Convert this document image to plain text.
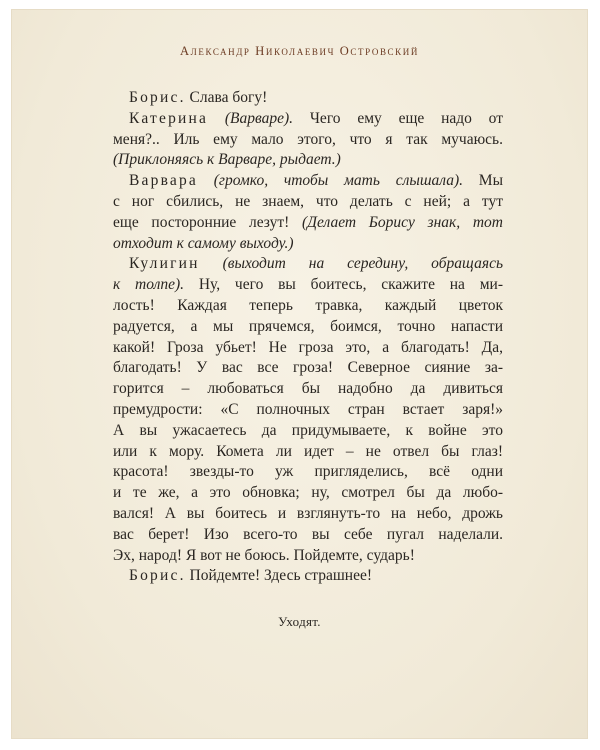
Александр Николаевич Островский

Борис. Слава богу!

Катерина (Варваре). Чего ему еще надо от
меня?.. Иль ему мало этого, что я так мучаюсь.
(Приклоняясь к Варваре, рыдает.)

Варвара (громко, чтобы мать слышала). Мы
с ног сбились, не знаем, что делать с ней; а тут
еще посторонние лезут! (Делает Борису знак, тот
отходит к самому выходу.)

Кулигин (выходит на середину, обращаясь
к толпе). Ну, чего вы боитесь, скажите на ми-
лость! Каждая теперь травка, каждый цветок
радуется, а мы прячемся, боимся, точно напасти
какой! Гроза убьет! Не гроза это, а благодать! Да,
благодать! У вас все гроза! Северное сияние за-
горится – любоваться бы надобно да дивиться
премудрости: «С полночных стран встает заря!»
А вы ужасаетесь да придумываете, к войне это
или к мору. Комета ли идет – не отвел бы глаз!
красота! звезды-то уж пригляделись, всё одни
и те же, а это обновка; ну, смотрел бы да любо-
вался! А вы боитесь и взглянуть-то на небо, дрожь
вас берет! Изо всего-то вы себе пугал наделали.
Эх, народ! Я вот не боюсь. Пойдемте, сударь!

Борис. Пойдемте! Здесь страшнее!

Уходят.
